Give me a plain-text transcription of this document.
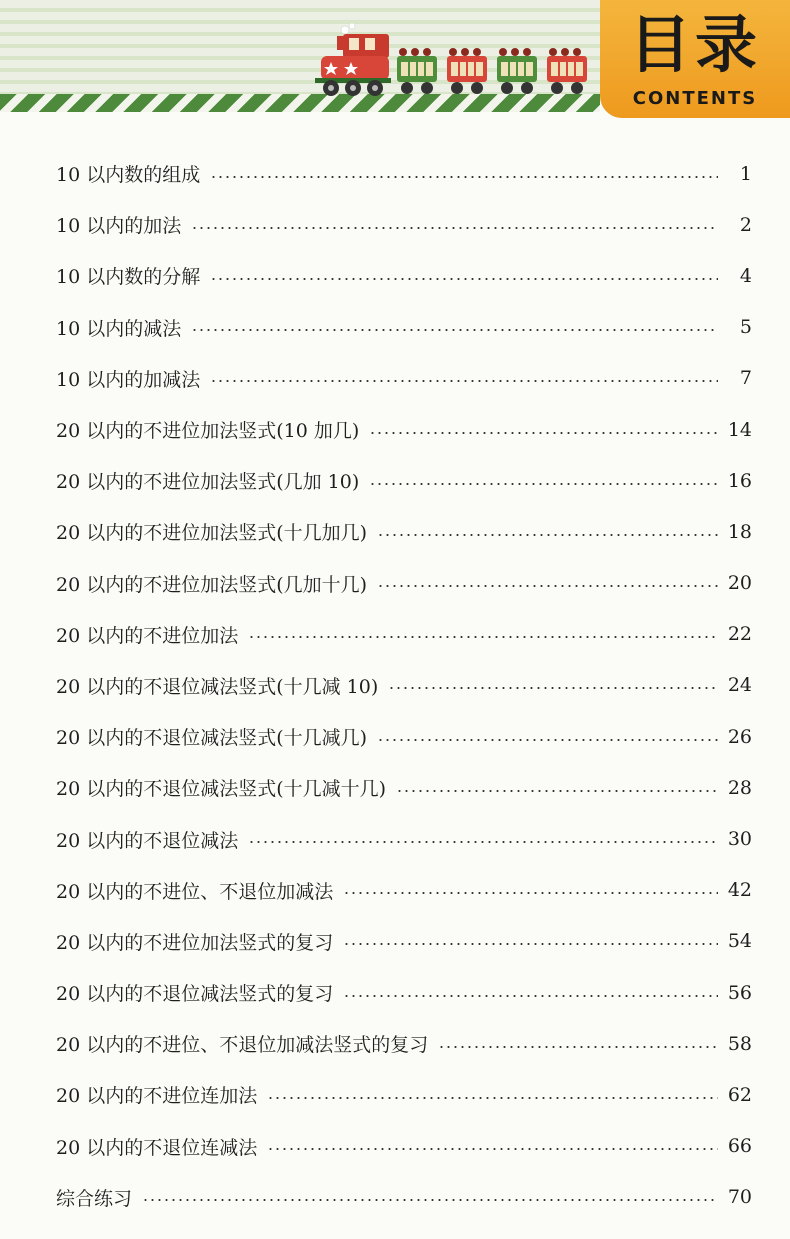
目录
CONTENTS
10 以内数的组成	1
10 以内的加法	2
10 以内数的分解	4
10 以内的减法	5
10 以内的加减法	7
20 以内的不进位加法竖式(10 加几)	14
20 以内的不进位加法竖式(几加 10)	16
20 以内的不进位加法竖式(十几加几)	18
20 以内的不进位加法竖式(几加十几)	20
20 以内的不进位加法	22
20 以内的不退位减法竖式(十几减 10)	24
20 以内的不退位减法竖式(十几减几)	26
20 以内的不退位减法竖式(十几减十几)	28
20 以内的不退位减法	30
20 以内的不进位、不退位加减法	42
20 以内的不进位加法竖式的复习	54
20 以内的不退位减法竖式的复习	56
20 以内的不进位、不退位加减法竖式的复习	58
20 以内的不进位连加法	62
20 以内的不退位连减法	66
综合练习	70
